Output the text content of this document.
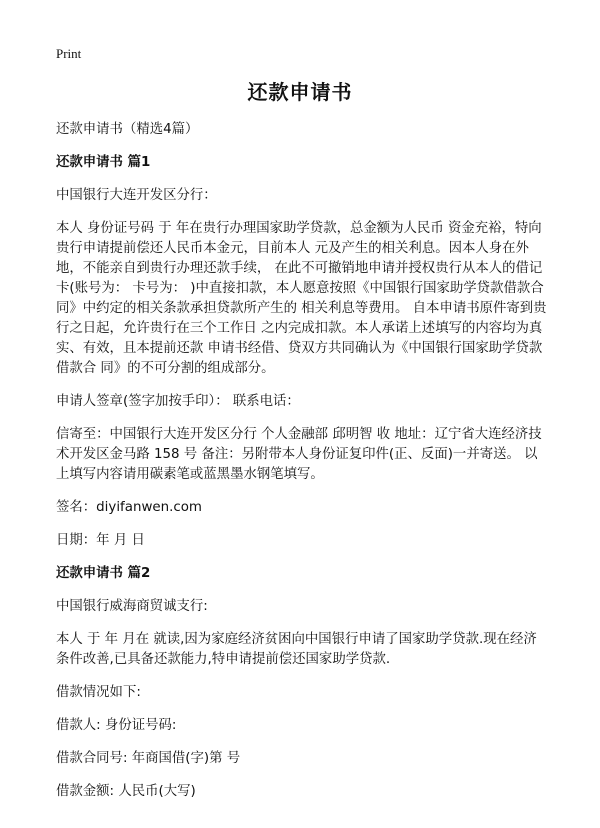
Print
还款申请书

还款申请书（精选4篇）

还款申请书 篇1

中国银行大连开发区分行：

本人 身份证号码 于 年在贵行办理国家助学贷款，总金额为人民币 资金充裕，特向贵行申请提前偿还人民币本金元，目前本人 元及产生的相关利息。因本人身在外地，不能亲自到贵行办理还款手续， 在此不可撤销地申请并授权贵行从本人的借记卡(账号为： 卡号为： )中直接扣款，本人愿意按照《中国银行国家助学贷款借款合同》中约定的相关条款承担贷款所产生的 相关利息等费用。 自本申请书原件寄到贵行之日起，允许贵行在三个工作日 之内完成扣款。本人承诺上述填写的内容均为真实、有效，且本提前还款 申请书经借、贷双方共同确认为《中国银行国家助学贷款借款合 同》的不可分割的组成部分。

申请人签章(签字加按手印）： 联系电话：

信寄至：中国银行大连开发区分行 个人金融部 邱明智 收 地址：辽宁省大连经济技术开发区金马路 158 号 备注：另附带本人身份证复印件(正、反面)一并寄送。 以上填写内容请用碳素笔或蓝黑墨水钢笔填写。

签名：diyifanwen.com

日期：年 月 日

还款申请书 篇2

中国银行威海商贸诚支行:

本人 于 年 月在 就读,因为家庭经济贫困向中国银行申请了国家助学贷款.现在经济条件改善,已具备还款能力,特申请提前偿还国家助学贷款.

借款情况如下:

借款人: 身份证号码:

借款合同号: 年商国借(字)第 号

借款金额: 人民币(大写)
